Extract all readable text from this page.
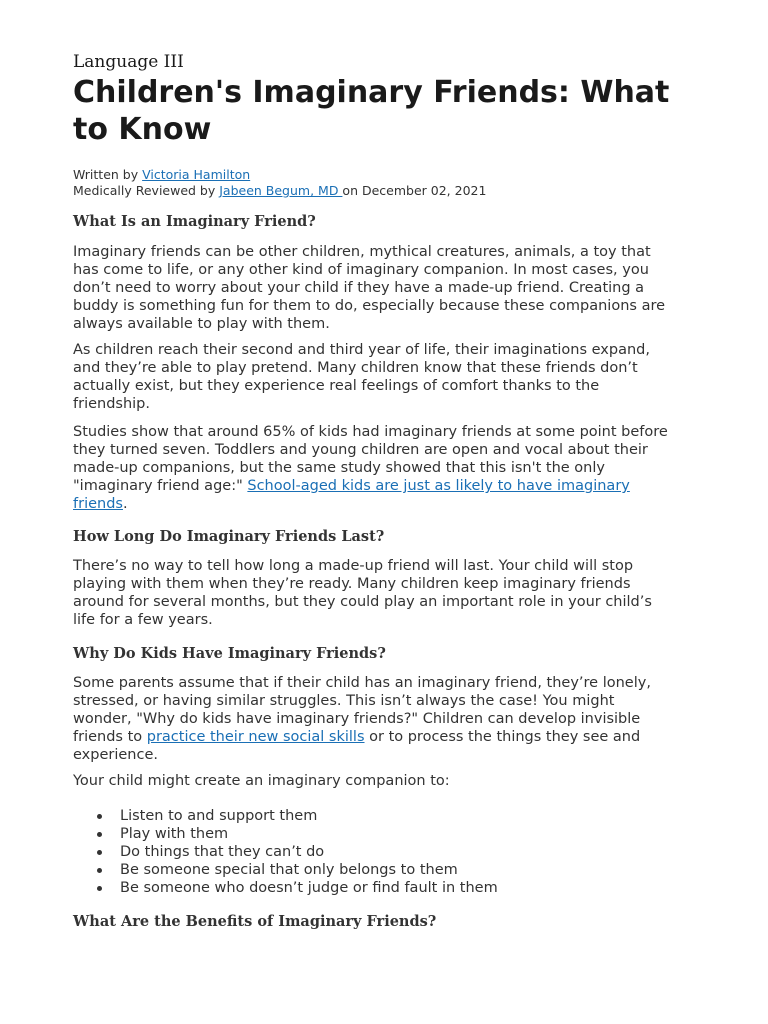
Language III
Children's Imaginary Friends: What
to Know
Written by Victoria Hamilton
Medically Reviewed by Jabeen Begum, MD on December 02, 2021
What Is an Imaginary Friend?
Imaginary friends can be other children, mythical creatures, animals, a toy that
has come to life, or any other kind of imaginary companion. In most cases, you
don’t need to worry about your child if they have a made-up friend. Creating a
buddy is something fun for them to do, especially because these companions are
always available to play with them.
As children reach their second and third year of life, their imaginations expand,
and they’re able to play pretend. Many children know that these friends don’t
actually exist, but they experience real feelings of comfort thanks to the
friendship.
Studies show that around 65% of kids had imaginary friends at some point before
they turned seven. Toddlers and young children are open and vocal about their
made-up companions, but the same study showed that this isn't the only
"imaginary friend age:" School-aged kids are just as likely to have imaginary
friends.
How Long Do Imaginary Friends Last?
There’s no way to tell how long a made-up friend will last. Your child will stop
playing with them when they’re ready. Many children keep imaginary friends
around for several months, but they could play an important role in your child’s
life for a few years.
Why Do Kids Have Imaginary Friends?
Some parents assume that if their child has an imaginary friend, they’re lonely,
stressed, or having similar struggles. This isn’t always the case! You might
wonder, "Why do kids have imaginary friends?" Children can develop invisible
friends to practice their new social skills or to process the things they see and
experience.
Your child might create an imaginary companion to:
Listen to and support them
Play with them
Do things that they can’t do
Be someone special that only belongs to them
Be someone who doesn’t judge or find fault in them
What Are the Benefits of Imaginary Friends?
